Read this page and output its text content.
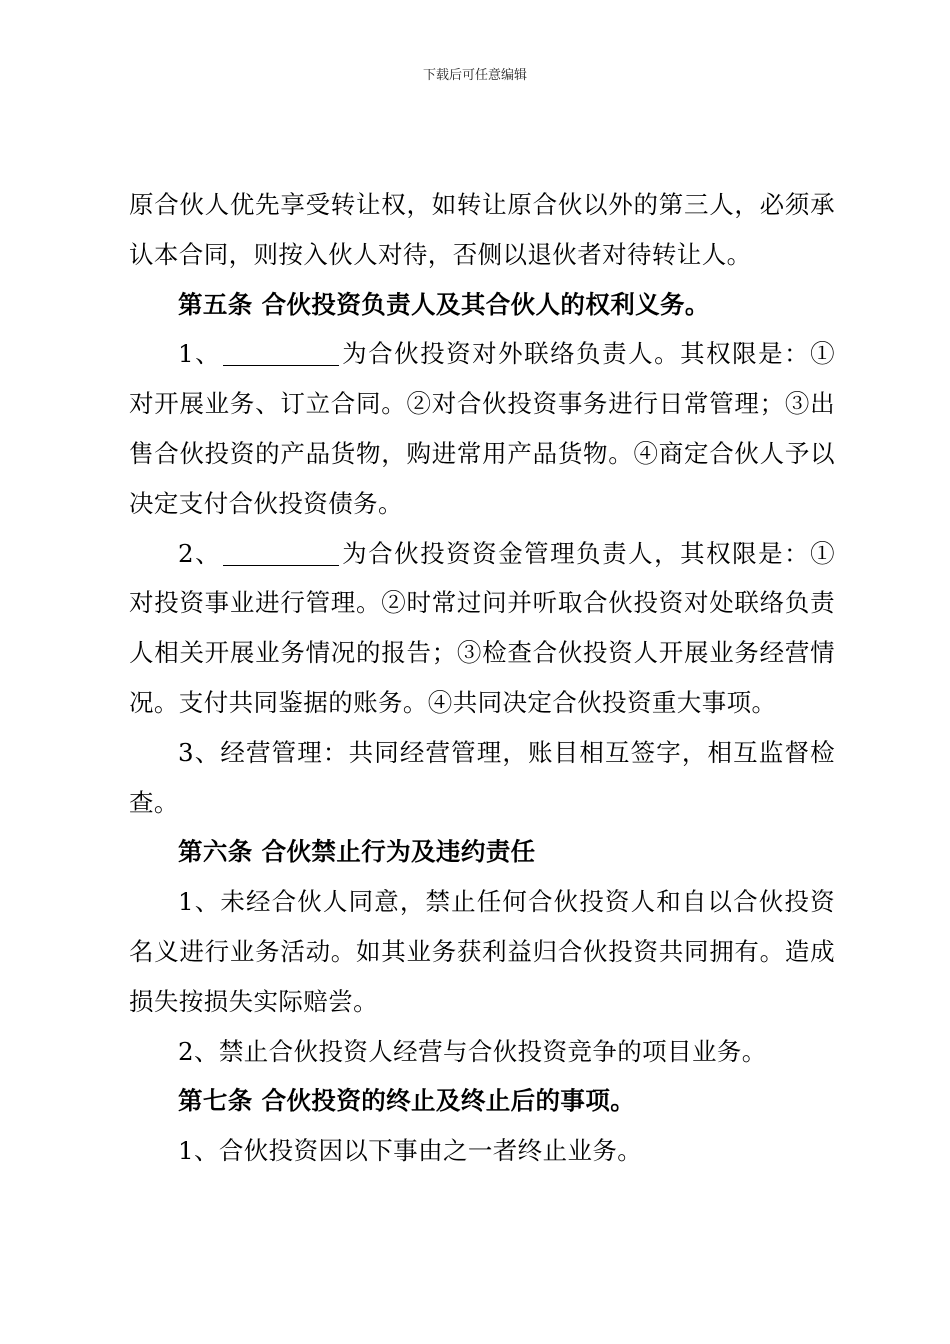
下载后可任意编辑

原合伙人优先享受转让权，如转让原合伙以外的第三人，必须承认本合同，则按入伙人对待，否侧以退伙者对待转让人。

第五条 合伙投资负责人及其合伙人的权利义务。

1、	为合伙投资对外联络负责人。其权限是：①对开展业务、订立合同。②对合伙投资事务进行日常管理；③出售合伙投资的产品货物，购进常用产品货物。④商定合伙人予以决定支付合伙投资债务。

2、	为合伙投资资金管理负责人，其权限是：①对投资事业进行管理。②时常过问并听取合伙投资对处联络负责人相关开展业务情况的报告；③检查合伙投资人开展业务经营情况。支付共同鉴据的账务。④共同决定合伙投资重大事项。

3、经营管理：共同经营管理，账目相互签字，相互监督检查。

第六条 合伙禁止行为及违约责任

1、未经合伙人同意，禁止任何合伙投资人和自以合伙投资名义进行业务活动。如其业务获利益归合伙投资共同拥有。造成损失按损失实际赔尝。

2、禁止合伙投资人经营与合伙投资竞争的项目业务。

第七条 合伙投资的终止及终止后的事项。

1、合伙投资因以下事由之一者终止业务。
